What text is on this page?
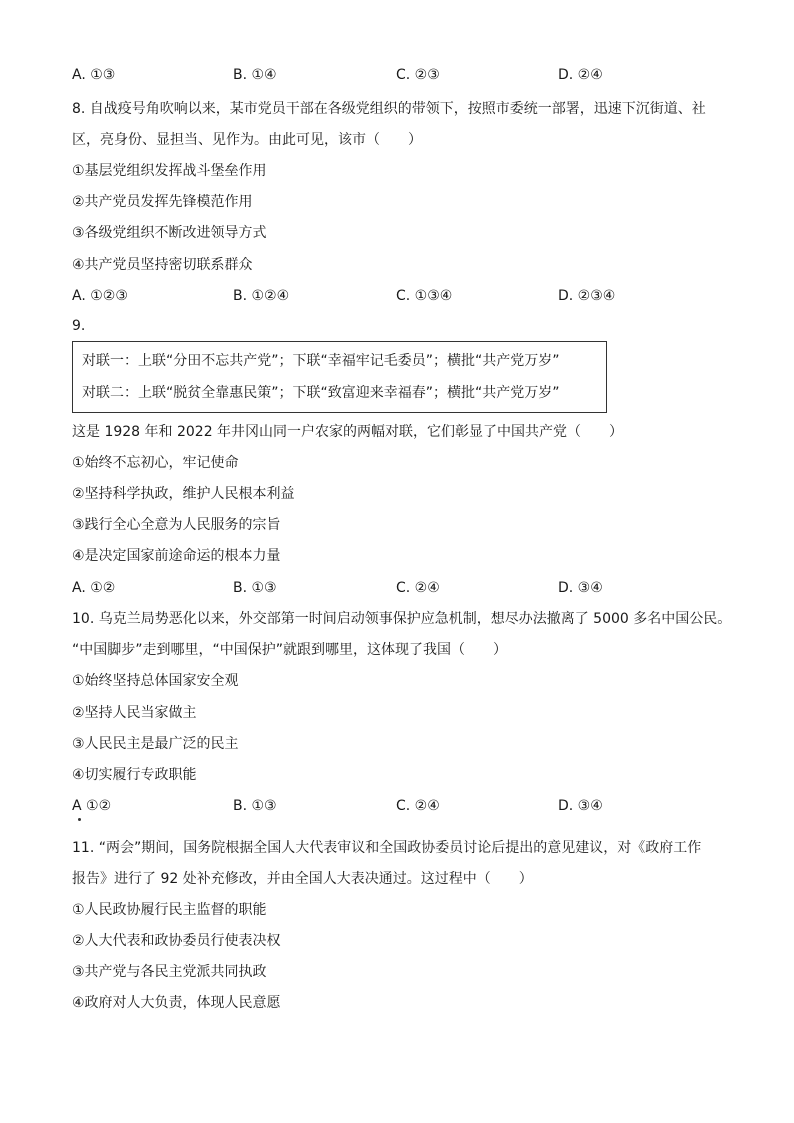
A. ①③	B. ①④	C. ②③	D. ②④
8. 自战疫号角吹响以来，某市党员干部在各级党组织的带领下，按照市委统一部署，迅速下沉街道、社
区，亮身份、显担当、见作为。由此可见，该市（　　）
①基层党组织发挥战斗堡垒作用
②共产党员发挥先锋模范作用
③各级党组织不断改进领导方式
④共产党员坚持密切联系群众
A. ①②③	B. ①②④	C. ①③④	D. ②③④
9.
对联一：上联“分田不忘共产党”；下联“幸福牢记毛委员”；横批“共产党万岁”
对联二：上联“脱贫全靠惠民策”；下联“致富迎来幸福春”；横批“共产党万岁”
这是 1928 年和 2022 年井冈山同一户农家的两幅对联，它们彰显了中国共产党（　　）
①始终不忘初心，牢记使命
②坚持科学执政，维护人民根本利益
③践行全心全意为人民服务的宗旨
④是决定国家前途命运的根本力量
A. ①②	B. ①③	C. ②④	D. ③④
10. 乌克兰局势恶化以来，外交部第一时间启动领事保护应急机制，想尽办法撤离了 5000 多名中国公民。
“中国脚步”走到哪里，“中国保护”就跟到哪里，这体现了我国（　　）
①始终坚持总体国家安全观
②坚持人民当家做主
③人民民主是最广泛的民主
④切实履行专政职能
A ①②	B. ①③	C. ②④	D. ③④
11. “两会”期间，国务院根据全国人大代表审议和全国政协委员讨论后提出的意见建议，对《政府工作
报告》进行了 92 处补充修改，并由全国人大表决通过。这过程中（　　）
①人民政协履行民主监督的职能
②人大代表和政协委员行使表决权
③共产党与各民主党派共同执政
④政府对人大负责，体现人民意愿
